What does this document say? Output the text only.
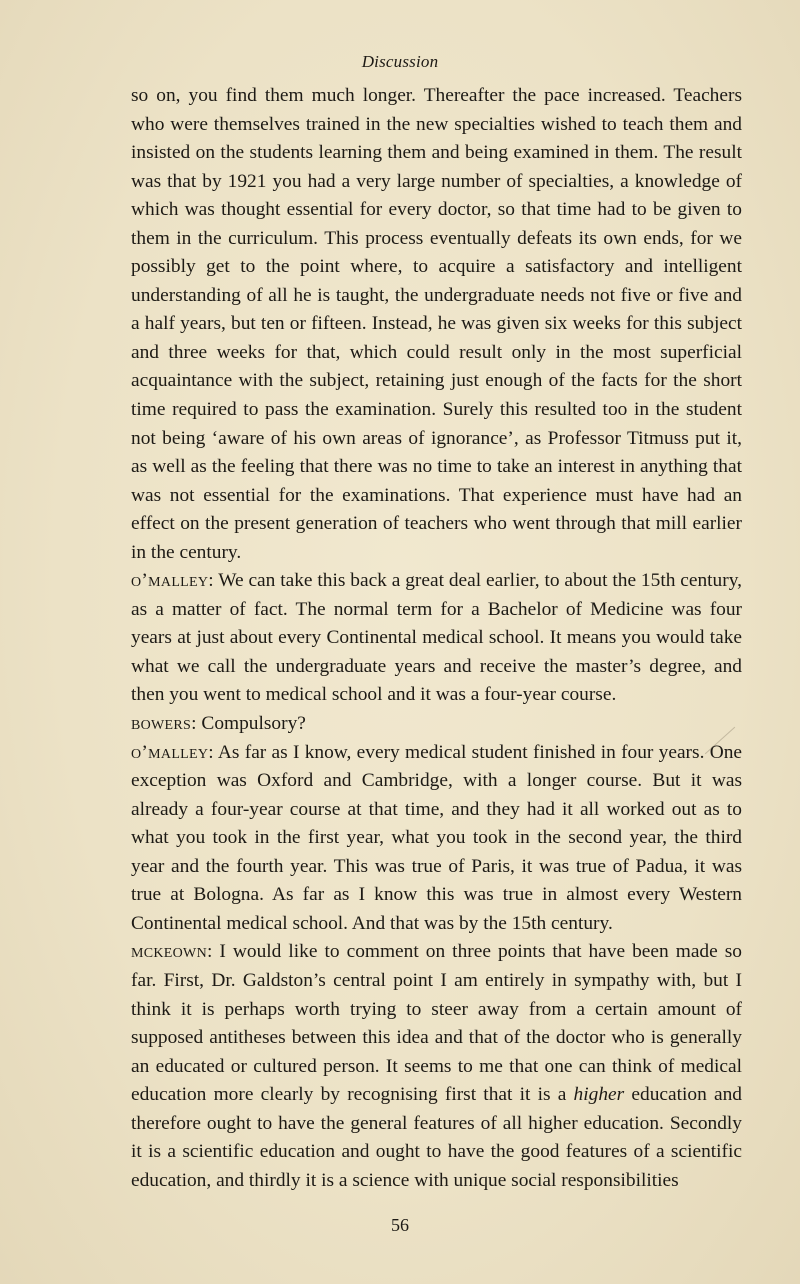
Discussion

so on, you find them much longer. Thereafter the pace increased. Teachers who were themselves trained in the new specialties wished to teach them and insisted on the students learning them and being examined in them. The result was that by 1921 you had a very large number of specialties, a knowledge of which was thought essential for every doctor, so that time had to be given to them in the curriculum. This process eventually defeats its own ends, for we possibly get to the point where, to acquire a satisfactory and intelligent understanding of all he is taught, the undergraduate needs not five or five and a half years, but ten or fifteen. Instead, he was given six weeks for this subject and three weeks for that, which could result only in the most superficial acquaintance with the subject, retaining just enough of the facts for the short time required to pass the examination. Surely this resulted too in the student not being ‘aware of his own areas of ignorance’, as Professor Titmuss put it, as well as the feeling that there was no time to take an interest in anything that was not essential for the examinations. That experience must have had an effect on the present generation of teachers who went through that mill earlier in the century.

o’malley: We can take this back a great deal earlier, to about the 15th century, as a matter of fact. The normal term for a Bachelor of Medicine was four years at just about every Continental medical school. It means you would take what we call the undergraduate years and receive the master’s degree, and then you went to medical school and it was a four-year course.

bowers: Compulsory?

o’malley: As far as I know, every medical student finished in four years. One exception was Oxford and Cambridge, with a longer course. But it was already a four-year course at that time, and they had it all worked out as to what you took in the first year, what you took in the second year, the third year and the fourth year. This was true of Paris, it was true of Padua, it was true at Bologna. As far as I know this was true in almost every Western Continental medical school. And that was by the 15th century.

mckeown: I would like to comment on three points that have been made so far. First, Dr. Galdston’s central point I am entirely in sympathy with, but I think it is perhaps worth trying to steer away from a certain amount of supposed antitheses between this idea and that of the doctor who is generally an educated or cultured person. It seems to me that one can think of medical education more clearly by recognising first that it is a higher education and therefore ought to have the general features of all higher education. Secondly it is a scientific education and ought to have the good features of a scientific education, and thirdly it is a science with unique social responsibilities

56
